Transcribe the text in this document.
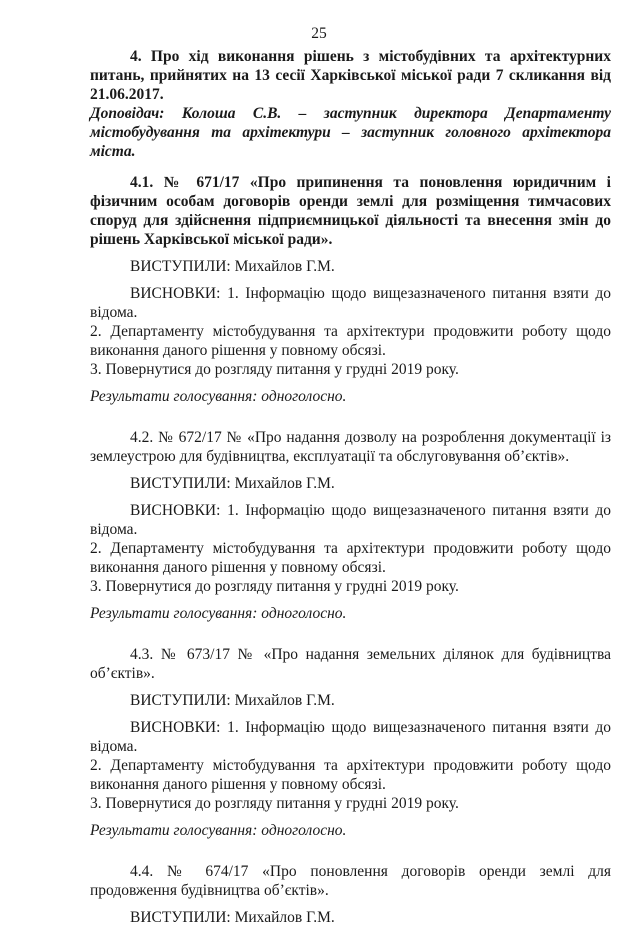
25

4. Про хід виконання рішень з містобудівних та архітектурних питань, прийнятих на 13 сесії Харківської міської ради 7 скликання від 21.06.2017.

Доповідач: Колоша С.В. – заступник директора Департаменту містобудування та архітектури – заступник головного архітектора міста.

4.1. № 671/17 «Про припинення та поновлення юридичним і фізичним особам договорів оренди землі для розміщення тимчасових споруд для здійснення підприємницької діяльності та внесення змін до рішень Харківської міської ради».

ВИСТУПИЛИ: Михайлов Г.М.

ВИСНОВКИ: 1. Інформацію щодо вищезазначеного питання взяти до відома.

2. Департаменту містобудування та архітектури продовжити роботу щодо виконання даного рішення у повному обсязі.

3. Повернутися до розгляду питання у грудні 2019 року.

Результати голосування: одноголосно.

4.2. № 672/17 № «Про надання дозволу на розроблення документації із землеустрою для будівництва, експлуатації та обслуговування об’єктів».

ВИСТУПИЛИ: Михайлов Г.М.

ВИСНОВКИ: 1. Інформацію щодо вищезазначеного питання взяти до відома.

2. Департаменту містобудування та архітектури продовжити роботу щодо виконання даного рішення у повному обсязі.

3. Повернутися до розгляду питання у грудні 2019 року.

Результати голосування: одноголосно.

4.3. № 673/17 № «Про надання земельних ділянок для будівництва об’єктів».

ВИСТУПИЛИ: Михайлов Г.М.

ВИСНОВКИ: 1. Інформацію щодо вищезазначеного питання взяти до відома.

2. Департаменту містобудування та архітектури продовжити роботу щодо виконання даного рішення у повному обсязі.

3. Повернутися до розгляду питання у грудні 2019 року.

Результати голосування: одноголосно.

4.4. № 674/17 «Про поновлення договорів оренди землі для продовження будівництва об’єктів».

ВИСТУПИЛИ: Михайлов Г.М.
